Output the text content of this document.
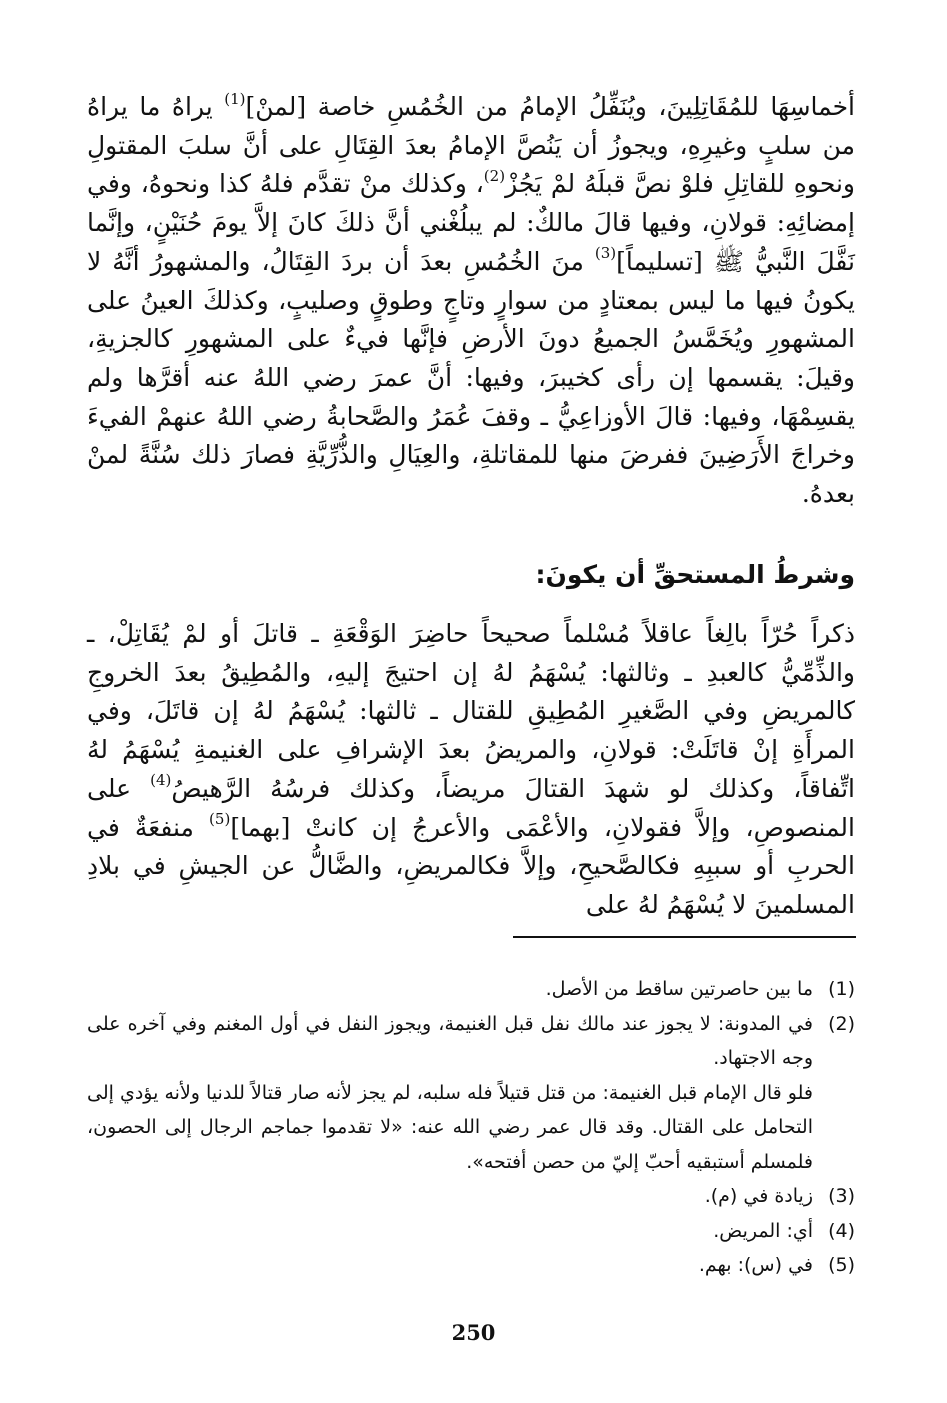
أخماسِهَا للمُقَاتِلِينَ، ويُنَفِّلُ الإمامُ من الخُمُسِ خاصة [لمنْ]$^{(1)}$ يراهُ ما يراهُ من سلبٍ وغيرِهِ، ويجوزُ أن يَنُصَّ الإمامُ بعدَ القِتَالِ على أنَّ سلبَ المقتولِ ونحوهِ للقاتِلِ فلوْ نصَّ قبلَهُ لمْ يَجُزْ$^{(2)}$، وكذلك منْ تقدَّم فلهُ كذا ونحوهُ، وفي إمضائِهِ: قولانِ، وفيها قالَ مالكٌ: لم يبلُغْني أنَّ ذلكَ كانَ إلاَّ يومَ حُنَيْنٍ، وإنَّما نَفَّلَ النَّبيُّ ﷺ [تسليماً]$^{(3)}$ منَ الخُمُسِ بعدَ أن بردَ القِتَالُ، والمشهورُ أنَّهُ لا يكونُ فيها ما ليس بمعتادٍ من سوارٍ وتاجٍ وطوقٍ وصليبٍ، وكذلكَ العينُ على المشهورِ ويُخَمَّسُ الجميعُ دونَ الأرضِ فإنَّها فيءٌ على المشهورِ كالجزيةِ، وقيلَ: يقسمها إن رأى كخيبرَ، وفيها: أنَّ عمرَ رضي اللهُ عنه أقرَّها ولم يقسِمْهَا، وفيها: قالَ الأوزاعِيُّ ـ وقفَ عُمَرُ والصَّحابةُ رضي اللهُ عنهمْ الفيءَ وخراجَ الأَرَضِينَ ففرضَ منها للمقاتلةِ، والعِيَالِ والذُّرِّيَّةِ فصارَ ذلك سُنَّةً لمنْ بعدهُ.

وشرطُ المستحقِّ أن يكونَ:

ذكراً حُرّاً بالِغاً عاقلاً مُسْلماً صحيحاً حاضِرَ الوَقْعَةِ ـ قاتلَ أو لمْ يُقَاتِلْ، ـ والذِّمِّيُّ كالعبدِ ـ وثالثها: يُسْهَمُ لهُ إن احتيجَ إليهِ، والمُطِيقُ بعدَ الخروجِ كالمريضِ وفي الصَّغيرِ المُطِيقِ للقتال ـ ثالثها: يُسْهَمُ لهُ إن قاتَلَ، وفي المرأَةِ إنْ قاتَلَتْ: قولانِ، والمريضُ بعدَ الإشرافِ على الغنيمةِ يُسْهَمُ لهُ اتِّفاقاً، وكذلك لو شهدَ القتالَ مريضاً، وكذلك فرسُهُ الرَّهيصُ$^{(4)}$ على المنصوصِ، وإلاَّ فقولانِ، والأعْمَى والأعرجُ إن كانتْ [بهما]$^{(5)}$ منفعَةٌ في الحربِ أو سببِهِ فكالصَّحيحِ، وإلاَّ فكالمريضِ، والضَّالُّ عن الجيشِ في بلادِ المسلمينَ لا يُسْهَمُ لهُ على

(1)

ما بين حاصرتين ساقط من الأصل.

(2)

في المدونة: لا يجوز عند مالك نفل قبل الغنيمة، ويجوز النفل في أول المغنم وفي آخره على وجه الاجتهاد.

فلو قال الإمام قبل الغنيمة: من قتل قتيلاً فله سلبه، لم يجز لأنه صار قتالاً للدنيا ولأنه يؤدي إلى التحامل على القتال. وقد قال عمر رضي الله عنه: «لا تقدموا جماجم الرجال إلى الحصون، فلمسلم أستبقيه أحبّ إليّ من حصن أفتحه».

(3)

زيادة في (م).

(4)

أي: المريض.

(5)

في (س): بهم.

250
